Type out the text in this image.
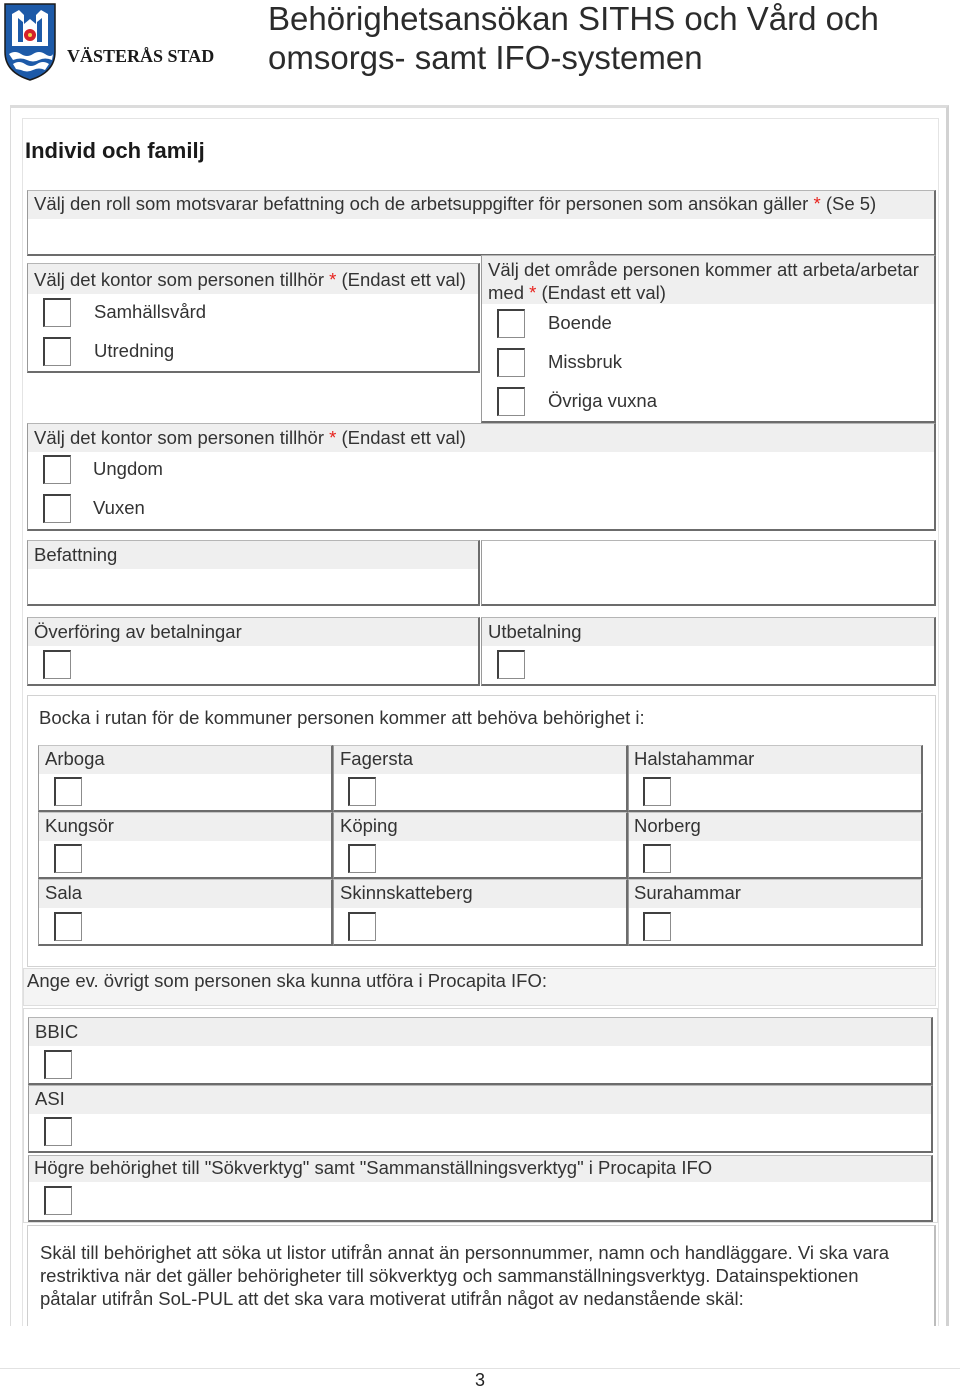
VÄSTERÅS STAD
Behörighetsansökan SITHS och Vård och
omsorgs- samt IFO-systemen
Individ och familj
Välj den roll som motsvarar befattning och de arbetsuppgifter för personen som ansökan gäller * (Se 5)
Välj det kontor som personen tillhör * (Endast ett val)
Samhällsvård
Utredning
Välj det område personen kommer att arbeta/arbetar med * (Endast ett val)
Boende
Missbruk
Övriga vuxna
Välj det kontor som personen tillhör * (Endast ett val)
Ungdom
Vuxen
Befattning
Överföring av betalningar	Utbetalning
Bocka i rutan för de kommuner personen kommer att behöva behörighet i:
Arboga	Fagersta	Halstahammar
Kungsör	Köping	Norberg
Sala	Skinnskatteberg	Surahammar
Ange ev. övrigt som personen ska kunna utföra i Procapita IFO:
BBIC
ASI
Högre behörighet till "Sökverktyg" samt "Sammanställningsverktyg" i Procapita IFO
Skäl till behörighet att söka ut listor utifrån annat än personnummer, namn och handläggare. Vi ska vara restriktiva när det gäller behörigheter till sökverktyg och sammanställningsverktyg. Datainspektionen påtalar utifrån SoL-PUL att det ska vara motiverat utifrån något av nedanstående skäl:
3
